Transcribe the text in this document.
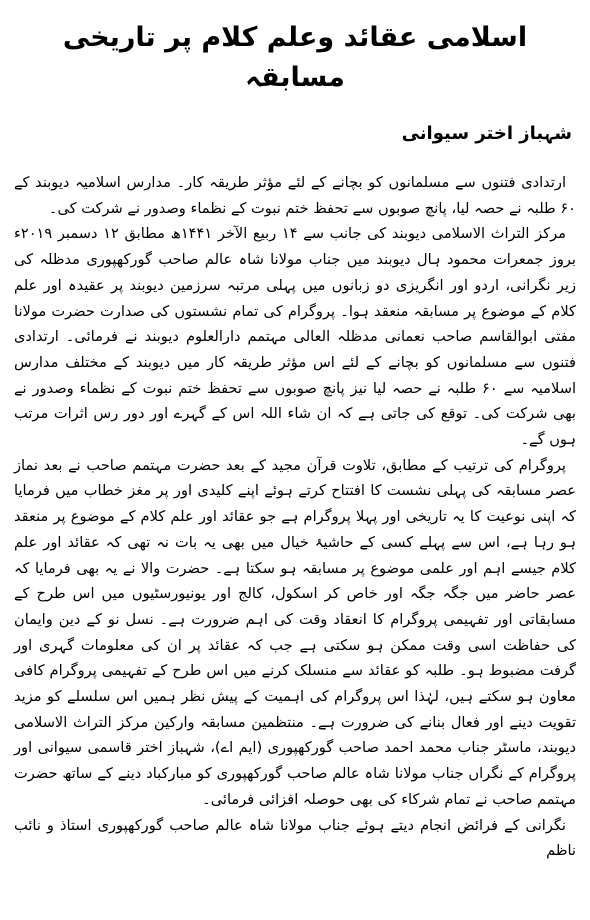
اسلامی عقائد وعلم کلام پر تاریخی مسابقہ
شہباز اختر سیوانی

ارتدادی فتنوں سے مسلمانوں کو بچانے کے لئے مؤثر طریقہ کار۔ مدارس اسلامیہ دیوبند کے ۶۰ طلبہ نے حصہ لیا، پانچ صوبوں سے تحفظ ختم نبوت کے نظماء وصدور نے شرکت کی۔

مرکز التراث الاسلامی دیوبند کی جانب سے ۱۴ ربیع الآخر ۱۴۴۱ھ مطابق ۱۲ دسمبر ۲۰۱۹ء بروز جمعرات محمود ہال دیوبند میں جناب مولانا شاہ عالم صاحب گورکھپوری مدظلہ کی زیر نگرانی، اردو اور انگریزی دو زبانوں میں پہلی مرتبہ سرزمین دیوبند پر عقیدہ اور علم کلام کے موضوع پر مسابقہ منعقد ہوا۔ پروگرام کی تمام نشستوں کی صدارت حضرت مولانا مفتی ابوالقاسم صاحب نعمانی مدظلہ العالی مہتمم دارالعلوم دیوبند نے فرمائی۔ ارتدادی فتنوں سے مسلمانوں کو بچانے کے لئے اس مؤثر طریقہ کار میں دیوبند کے مختلف مدارس اسلامیہ سے ۶۰ طلبہ نے حصہ لیا نیز پانچ صوبوں سے تحفظ ختم نبوت کے نظماء وصدور نے بھی شرکت کی۔ توقع کی جاتی ہے کہ ان شاء اللہ اس کے گہرے اور دور رس اثرات مرتب ہوں گے۔

پروگرام کی ترتیب کے مطابق، تلاوت قرآن مجید کے بعد حضرت مہتمم صاحب نے بعد نماز عصر مسابقہ کی پہلی نشست کا افتتاح کرتے ہوئے اپنے کلیدی اور پر مغز خطاب میں فرمایا کہ اپنی نوعیت کا یہ تاریخی اور پہلا پروگرام ہے جو عقائد اور علم کلام کے موضوع پر منعقد ہو رہا ہے، اس سے پہلے کسی کے حاشیۂ خیال میں بھی یہ بات نہ تھی کہ عقائد اور علم کلام جیسے اہم اور علمی موضوع پر مسابقہ ہو سکتا ہے۔ حضرت والا نے یہ بھی فرمایا کہ عصر حاضر میں جگہ جگہ اور خاص کر اسکول، کالج اور یونیورسٹیوں میں اس طرح کے مسابقاتی اور تفہیمی پروگرام کا انعقاد وقت کی اہم ضرورت ہے۔ نسل نو کے دین وایمان کی حفاظت اسی وقت ممکن ہو سکتی ہے جب کہ عقائد پر ان کی معلومات گہری اور گرفت مضبوط ہو۔ طلبہ کو عقائد سے منسلک کرنے میں اس طرح کے تفہیمی پروگرام کافی معاون ہو سکتے ہیں، لہٰذا اس پروگرام کی اہمیت کے پیش نظر ہمیں اس سلسلے کو مزید تقویت دینے اور فعال بنانے کی ضرورت ہے۔ منتظمین مسابقہ وارکین مرکز التراث الاسلامی دیوبند، ماسٹر جناب محمد احمد صاحب گورکھپوری (ایم اے)، شہباز اختر قاسمی سیوانی اور پروگرام کے نگراں جناب مولانا شاہ عالم صاحب گورکھپوری کو مبارکباد دینے کے ساتھ حضرت مہتمم صاحب نے تمام شرکاء کی بھی حوصلہ افزائی فرمائی۔

نگرانی کے فرائض انجام دیتے ہوئے جناب مولانا شاہ عالم صاحب گورکھپوری استاذ و نائب ناظم
